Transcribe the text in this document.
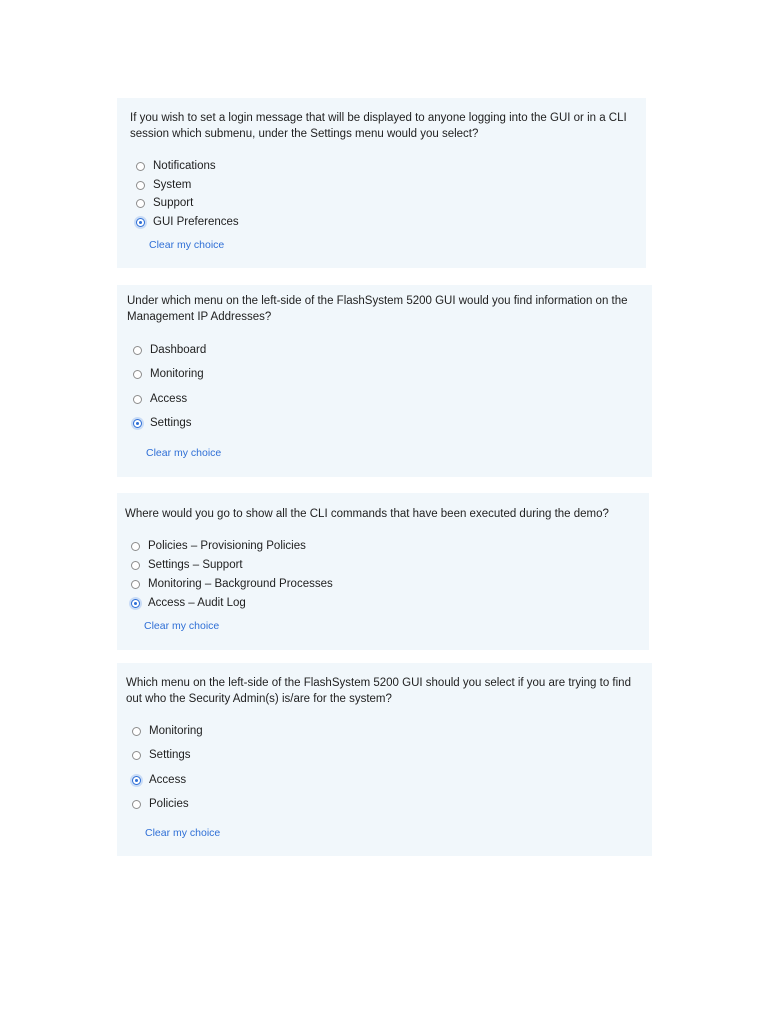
If you wish to set a login message that will be displayed to anyone logging into the GUI or in a CLI session which submenu, under the Settings menu would you select?

Notifications
System
Support
GUI Preferences
Clear my choice

Under which menu on the left-side of the FlashSystem 5200 GUI would you find information on the Management IP Addresses?

Dashboard
Monitoring
Access
Settings
Clear my choice

Where would you go to show all the CLI commands that have been executed during the demo?

Policies – Provisioning Policies
Settings – Support
Monitoring – Background Processes
Access – Audit Log
Clear my choice

Which menu on the left-side of the FlashSystem 5200 GUI should you select if you are trying to find out who the Security Admin(s) is/are for the system?

Monitoring
Settings
Access
Policies
Clear my choice
